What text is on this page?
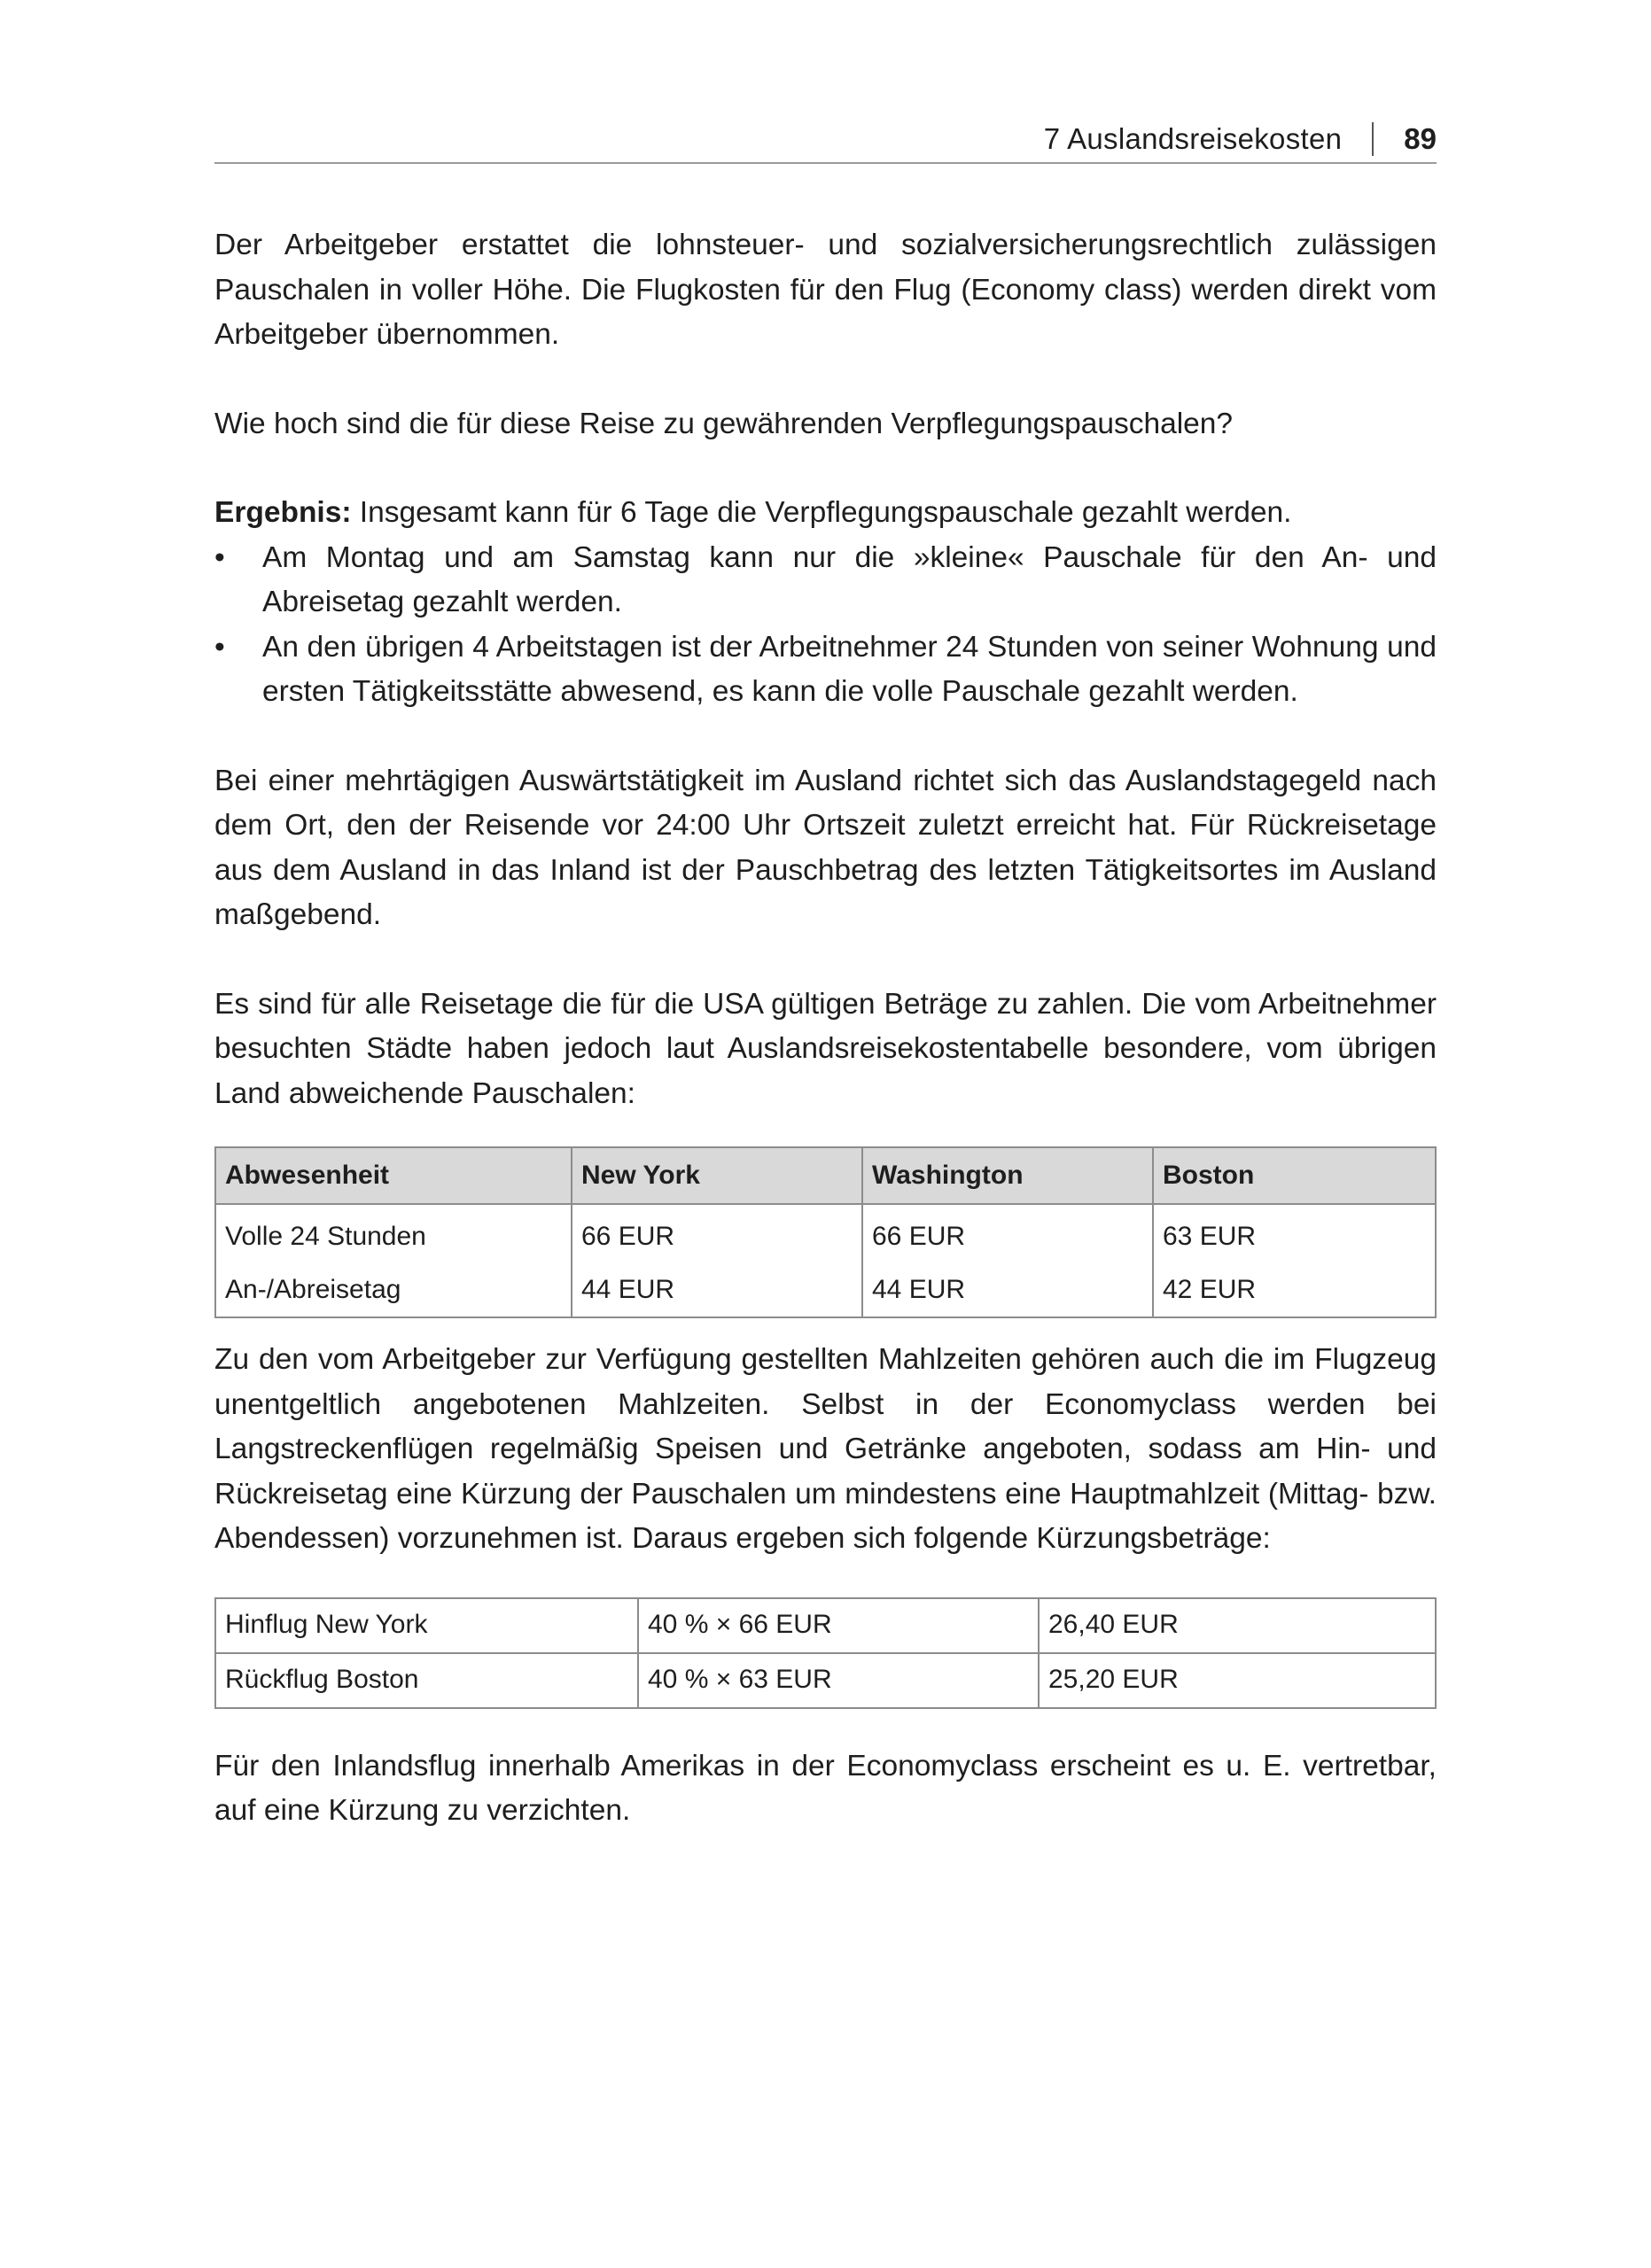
7 Auslandsreisekosten 89

Der Arbeitgeber erstattet die lohnsteuer- und sozialversicherungsrechtlich zulässigen Pauschalen in voller Höhe. Die Flugkosten für den Flug (Economy class) werden direkt vom Arbeitgeber übernommen.

Wie hoch sind die für diese Reise zu gewährenden Verpflegungspauschalen?

Ergebnis: Insgesamt kann für 6 Tage die Verpflegungspauschale gezahlt werden.

• Am Montag und am Samstag kann nur die »kleine« Pauschale für den An- und Abreisetag gezahlt werden.
• An den übrigen 4 Arbeitstagen ist der Arbeitnehmer 24 Stunden von seiner Wohnung und ersten Tätigkeitsstätte abwesend, es kann die volle Pauschale gezahlt werden.

Bei einer mehrtägigen Auswärtstätigkeit im Ausland richtet sich das Auslandstagegeld nach dem Ort, den der Reisende vor 24:00 Uhr Ortszeit zuletzt erreicht hat. Für Rückreisetage aus dem Ausland in das Inland ist der Pauschbetrag des letzten Tätigkeitsortes im Ausland maßgebend.

Es sind für alle Reisetage die für die USA gültigen Beträge zu zahlen. Die vom Arbeitnehmer besuchten Städte haben jedoch laut Auslandsreisekostentabelle besondere, vom übrigen Land abweichende Pauschalen:

Abwesenheit	New York	Washington	Boston
Volle 24 Stunden	66 EUR	66 EUR	63 EUR
An-/Abreisetag	44 EUR	44 EUR	42 EUR

Zu den vom Arbeitgeber zur Verfügung gestellten Mahlzeiten gehören auch die im Flugzeug unentgeltlich angebotenen Mahlzeiten. Selbst in der Economyclass werden bei Langstreckenflügen regelmäßig Speisen und Getränke angeboten, sodass am Hin- und Rückreisetag eine Kürzung der Pauschalen um mindestens eine Hauptmahlzeit (Mittag- bzw. Abendessen) vorzunehmen ist. Daraus ergeben sich folgende Kürzungsbeträge:

Hinflug New York	40 % × 66 EUR	26,40 EUR
Rückflug Boston	40 % × 63 EUR	25,20 EUR

Für den Inlandsflug innerhalb Amerikas in der Economyclass erscheint es u. E. vertretbar, auf eine Kürzung zu verzichten.
